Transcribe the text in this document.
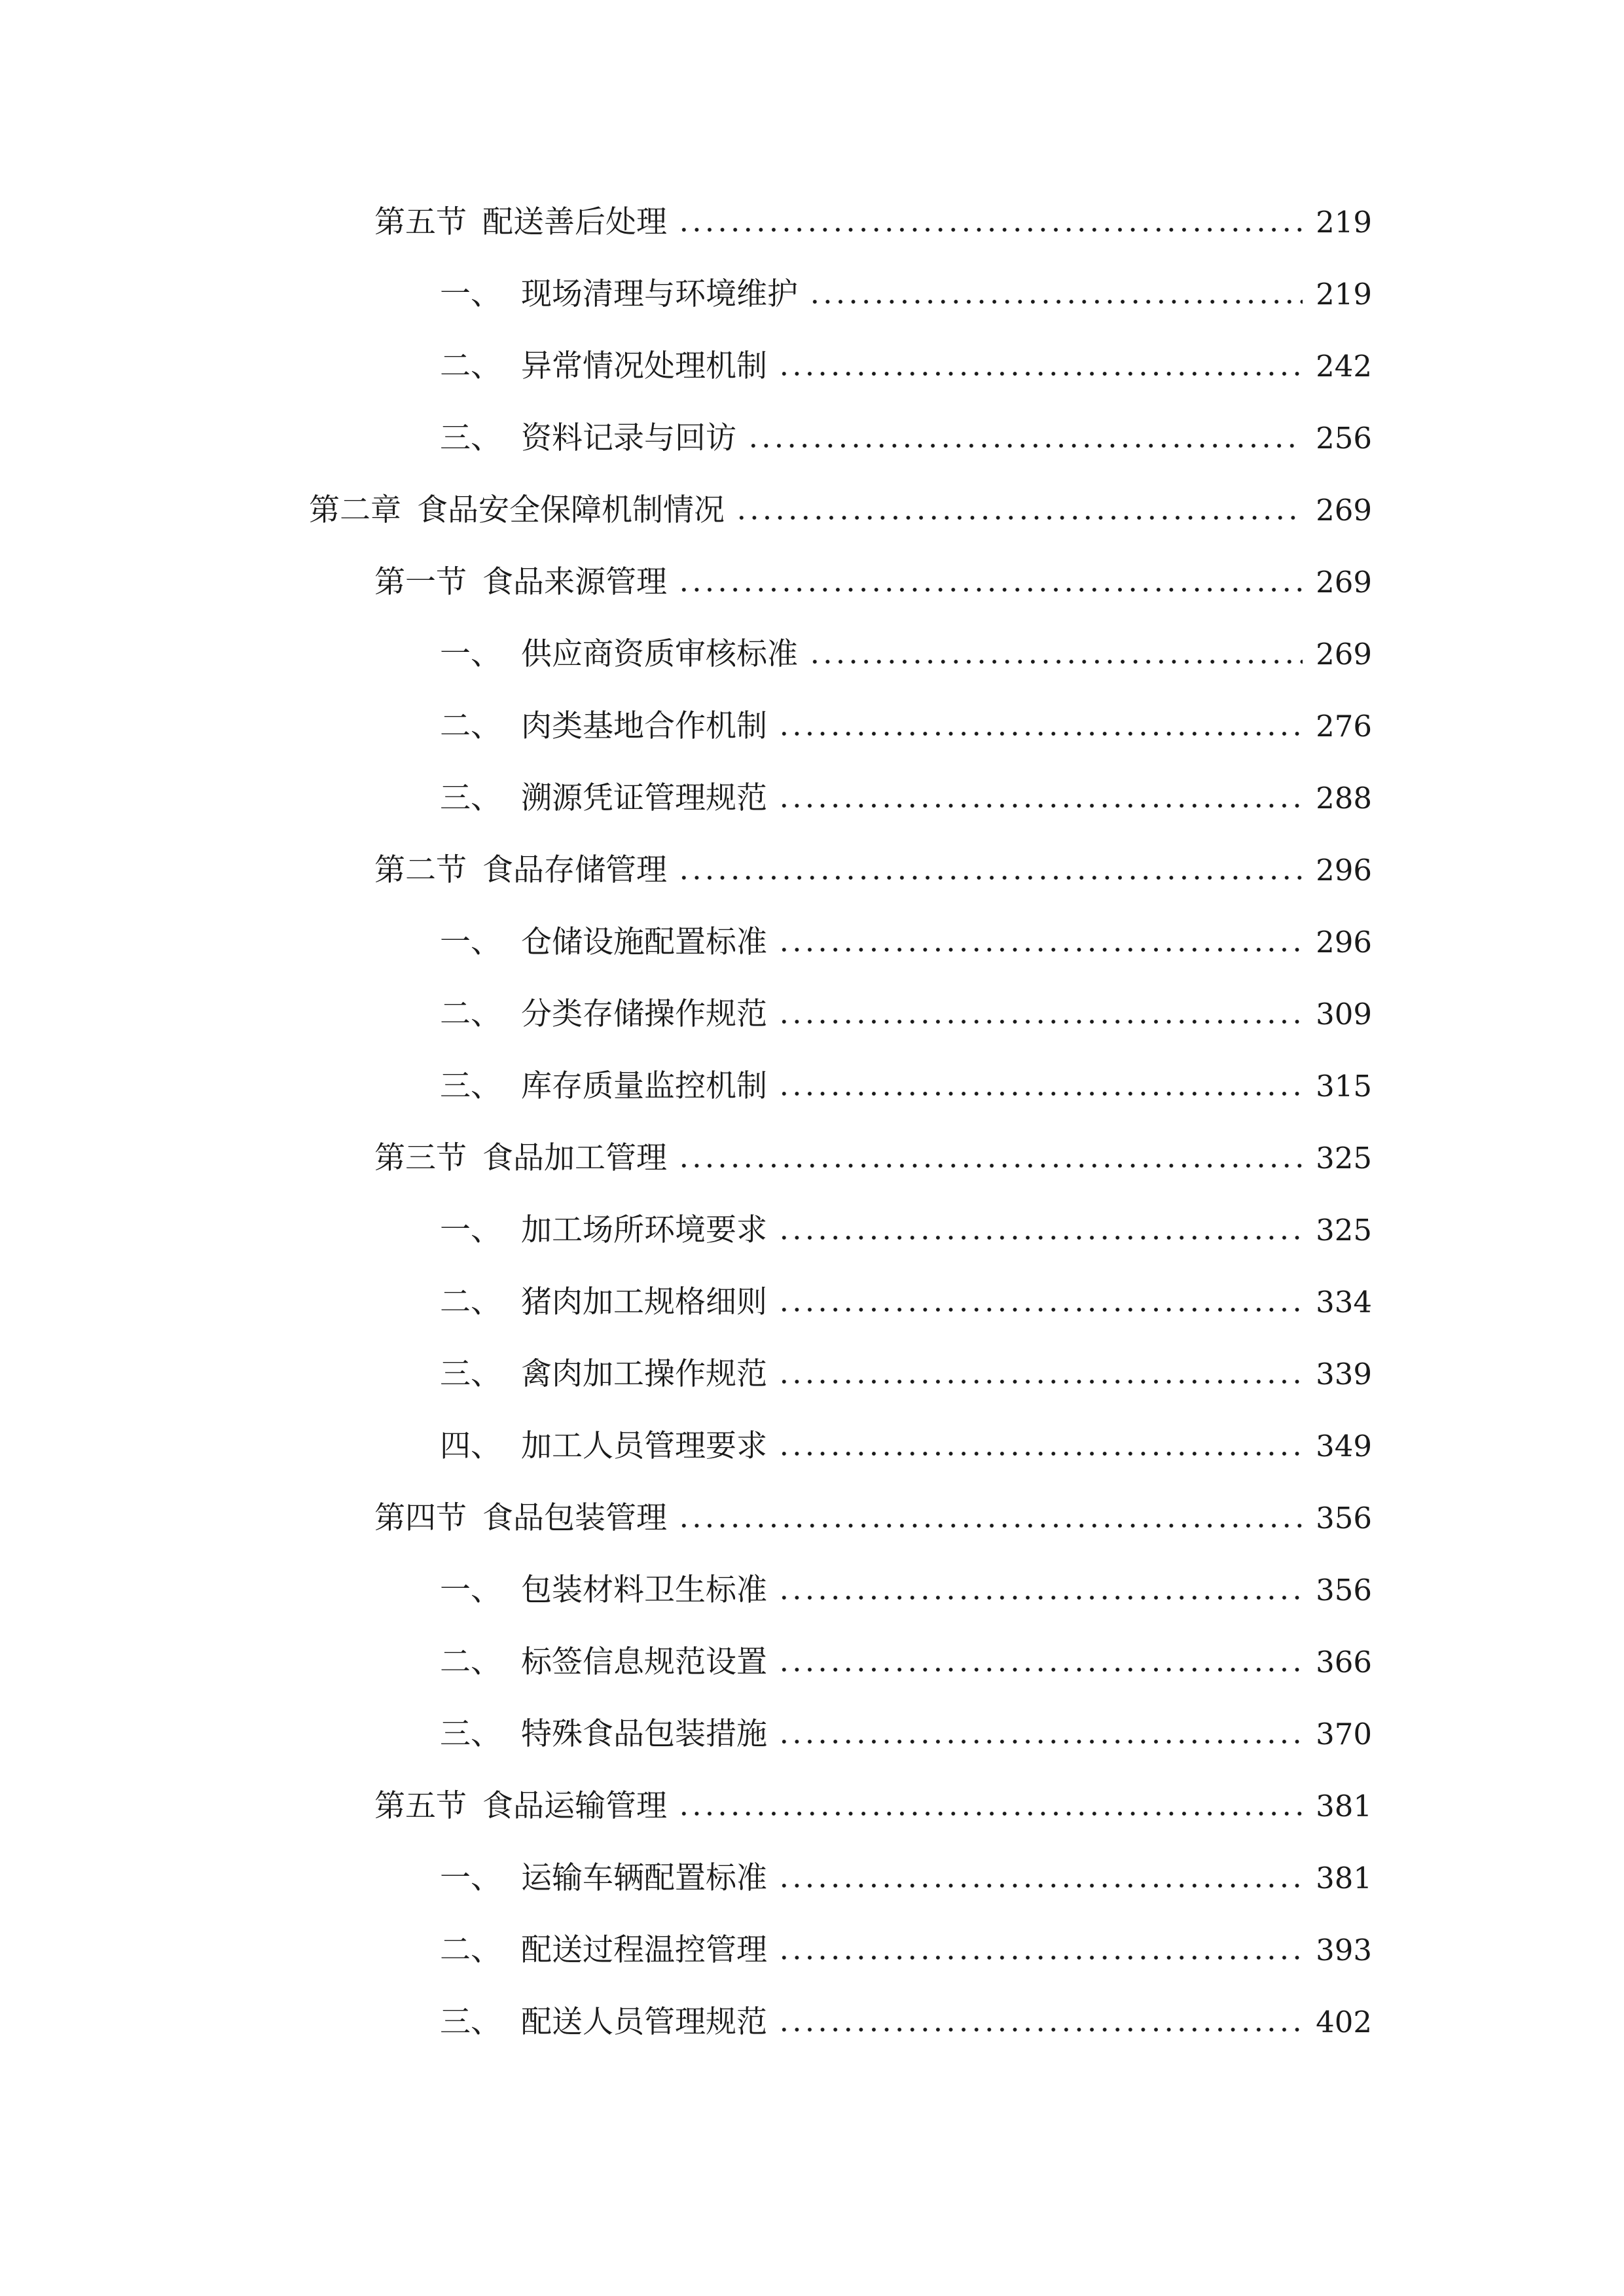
第五节 配送善后处理	219
一、 现场清理与环境维护	219
二、 异常情况处理机制	242
三、 资料记录与回访	256
第二章 食品安全保障机制情况	269
第一节 食品来源管理	269
一、 供应商资质审核标准	269
二、 肉类基地合作机制	276
三、 溯源凭证管理规范	288
第二节 食品存储管理	296
一、 仓储设施配置标准	296
二、 分类存储操作规范	309
三、 库存质量监控机制	315
第三节 食品加工管理	325
一、 加工场所环境要求	325
二、 猪肉加工规格细则	334
三、 禽肉加工操作规范	339
四、 加工人员管理要求	349
第四节 食品包装管理	356
一、 包装材料卫生标准	356
二、 标签信息规范设置	366
三、 特殊食品包装措施	370
第五节 食品运输管理	381
一、 运输车辆配置标准	381
二、 配送过程温控管理	393
三、 配送人员管理规范	402
